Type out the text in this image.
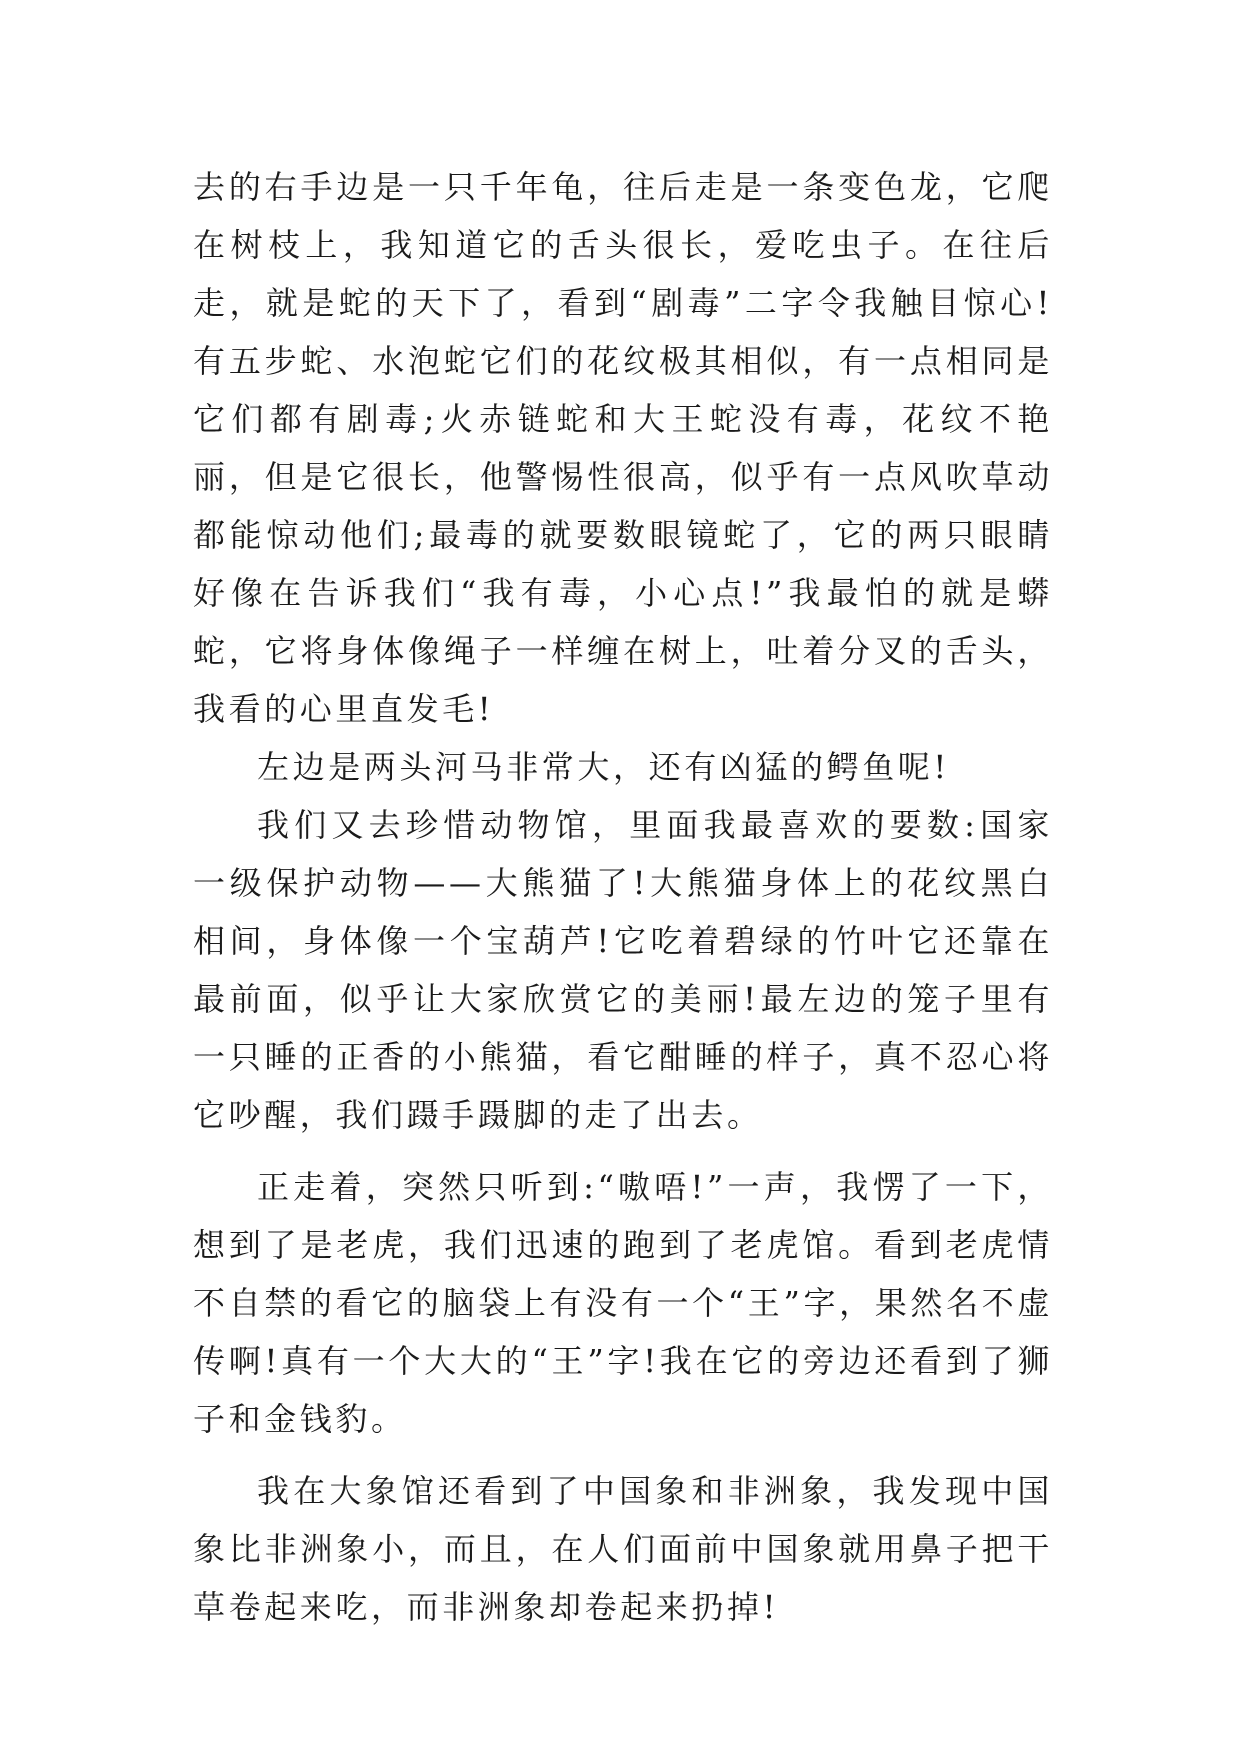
去的右手边是一只千年龟，往后走是一条变色龙，它爬在树枝上，我知道它的舌头很长，爱吃虫子。在往后走，就是蛇的天下了，看到“剧毒”二字令我触目惊心!有五步蛇、水泡蛇它们的花纹极其相似，有一点相同是它们都有剧毒;火赤链蛇和大王蛇没有毒，花纹不艳丽，但是它很长，他警惕性很高，似乎有一点风吹草动都能惊动他们;最毒的就要数眼镜蛇了，它的两只眼睛好像在告诉我们“我有毒，小心点!”我最怕的就是蟒蛇，它将身体像绳子一样缠在树上，吐着分叉的舌头，我看的心里直发毛!

左边是两头河马非常大，还有凶猛的鳄鱼呢!

我们又去珍惜动物馆，里面我最喜欢的要数:国家一级保护动物——大熊猫了!大熊猫身体上的花纹黑白相间，身体像一个宝葫芦!它吃着碧绿的竹叶它还靠在最前面，似乎让大家欣赏它的美丽!最左边的笼子里有一只睡的正香的小熊猫，看它酣睡的样子，真不忍心将它吵醒，我们蹑手蹑脚的走了出去。

正走着，突然只听到:“嗷唔!”一声，我愣了一下，想到了是老虎，我们迅速的跑到了老虎馆。看到老虎情不自禁的看它的脑袋上有没有一个“王”字，果然名不虚传啊!真有一个大大的“王”字!我在它的旁边还看到了狮子和金钱豹。

我在大象馆还看到了中国象和非洲象，我发现中国象比非洲象小，而且，在人们面前中国象就用鼻子把干草卷起来吃，而非洲象却卷起来扔掉!
